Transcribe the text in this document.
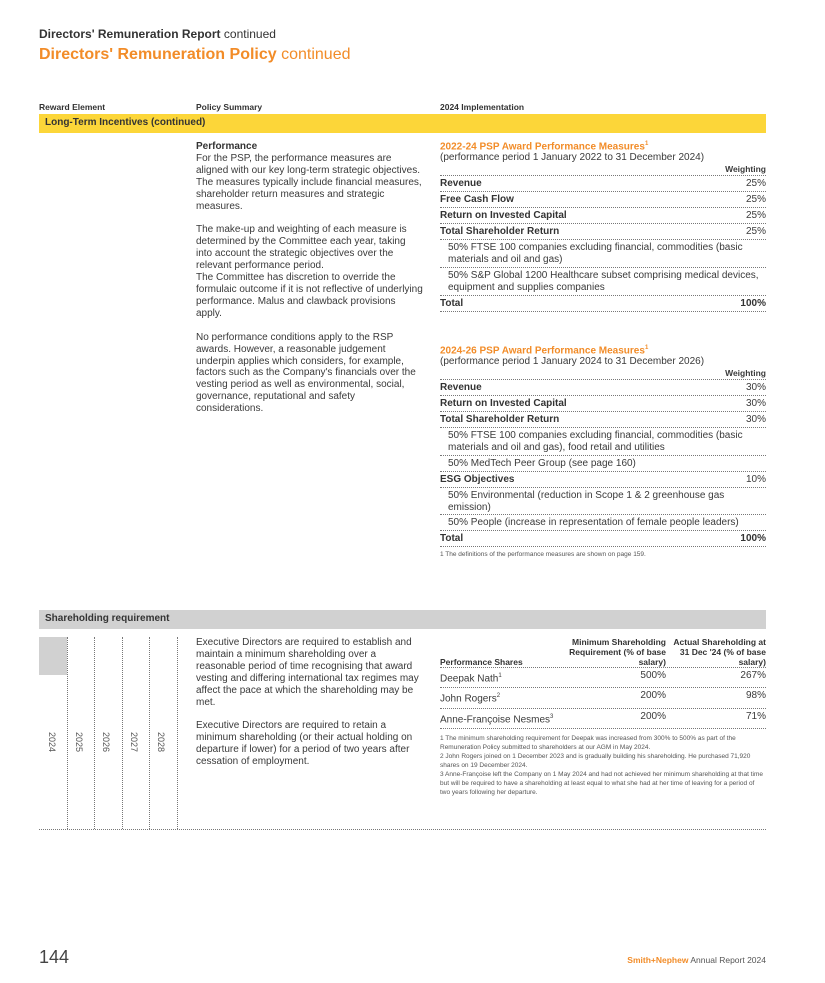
Directors' Remuneration Report continued
Directors' Remuneration Policy continued
Reward Element	Policy Summary	2024 Implementation
Long-Term Incentives (continued)

Performance

For the PSP, the performance measures are aligned with our key long-term strategic objectives. The measures typically include financial measures, shareholder return measures and strategic measures.

The make-up and weighting of each measure is determined by the Committee each year, taking into account the strategic objectives over the relevant performance period.

The Committee has discretion to override the formulaic outcome if it is not reflective of underlying performance. Malus and clawback provisions apply.

No performance conditions apply to the RSP awards. However, a reasonable judgement underpin applies which considers, for example, factors such as the Company's financials over the vesting period as well as environmental, social, governance, reputational and safety considerations.

2022-24 PSP Award Performance Measures$^1$
(performance period 1 January 2022 to 31 December 2024)
Weighting
Revenue	25%
Free Cash Flow	25%
Return on Invested Capital	25%
Total Shareholder Return	25%
50% FTSE 100 companies excluding financial, commodities (basic materials and oil and gas)
50% S&P Global 1200 Healthcare subset comprising medical devices, equipment and supplies companies
Total	100%
2024-26 PSP Award Performance Measures$^1$
(performance period 1 January 2024 to 31 December 2026)
Weighting
Revenue	30%
Return on Invested Capital	30%
Total Shareholder Return	30%
50% FTSE 100 companies excluding financial, commodities (basic materials and oil and gas), food retail and utilities
50% MedTech Peer Group (see page 160)
ESG Objectives	10%
50% Environmental (reduction in Scope 1 & 2 greenhouse gas emission)
50% People (increase in representation of female people leaders)
Total	100%
1 The definitions of the performance measures are shown on page 159.
Shareholding requirement
2024 2025 2026 2027 2028

Executive Directors are required to establish and maintain a minimum shareholding over a reasonable period of time recognising that award vesting and differing international tax regimes may affect the pace at which the shareholding may be met.

Executive Directors are required to retain a minimum shareholding (or their actual holding on departure if lower) for a period of two years after cessation of employment.

Performance Shares
Minimum Shareholding Requirement (% of base salary)
Actual Shareholding at 31 Dec '24 (% of base salary)
Deepak Nath$^1$	500%	267%
John Rogers$^2$	200%	98%
Anne-Françoise Nesmes$^3$	200%	71%
1 The minimum shareholding requirement for Deepak was increased from 300% to 500% as part of the Remuneration Policy submitted to shareholders at our AGM in May 2024.
2 John Rogers joined on 1 December 2023 and is gradually building his shareholding. He purchased 71,920 shares on 19 December 2024.
3 Anne-Françoise left the Company on 1 May 2024 and had not achieved her minimum shareholding at that time but will be required to have a shareholding at least equal to what she had at her time of leaving for a period of two years following her departure.
144	Smith+Nephew Annual Report 2024
